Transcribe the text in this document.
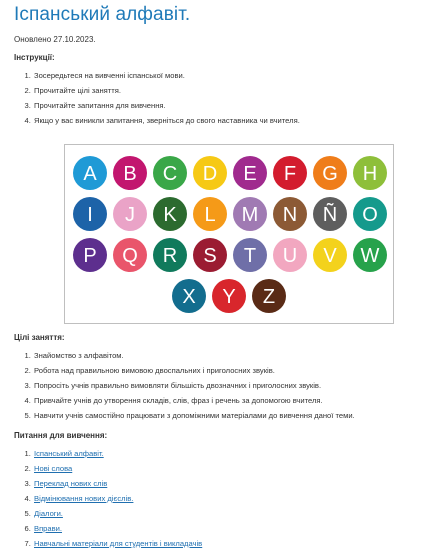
Іспанський алфавіт.
Оновлено 27.10.2023.
Інструкції:
1. Зосередьтеся на вивченні іспанської мови.
2. Прочитайте цілі заняття.
3. Прочитайте запитання для вивчення.
4. Якщо у вас виникли запитання, зверніться до свого наставника чи вчителя.
A B C D E F G H
I J K L M N Ñ O
P Q R S T U V W
X Y Z
Цілі заняття:
1. Знайомство з алфавітом.
2. Робота над правильною вимовою двоспальних і приголосних звуків.
3. Попросіть учнів правильно вимовляти більшість двозначних і приголосних звуків.
4. Привчайте учнів до утворення складів, слів, фраз і речень за допомогою вчителя.
5. Навчити учнів самостійно працювати з допоміжними матеріалами до вивчення даної теми.
Питання для вивчення:
1. Іспанський алфавіт.
2. Нові слова
3. Переклад нових слів
4. Відмінювання нових дієслів.
5. Діалоги.
6. Вправи.
7. Навчальні матеріали для студентів і викладачів
